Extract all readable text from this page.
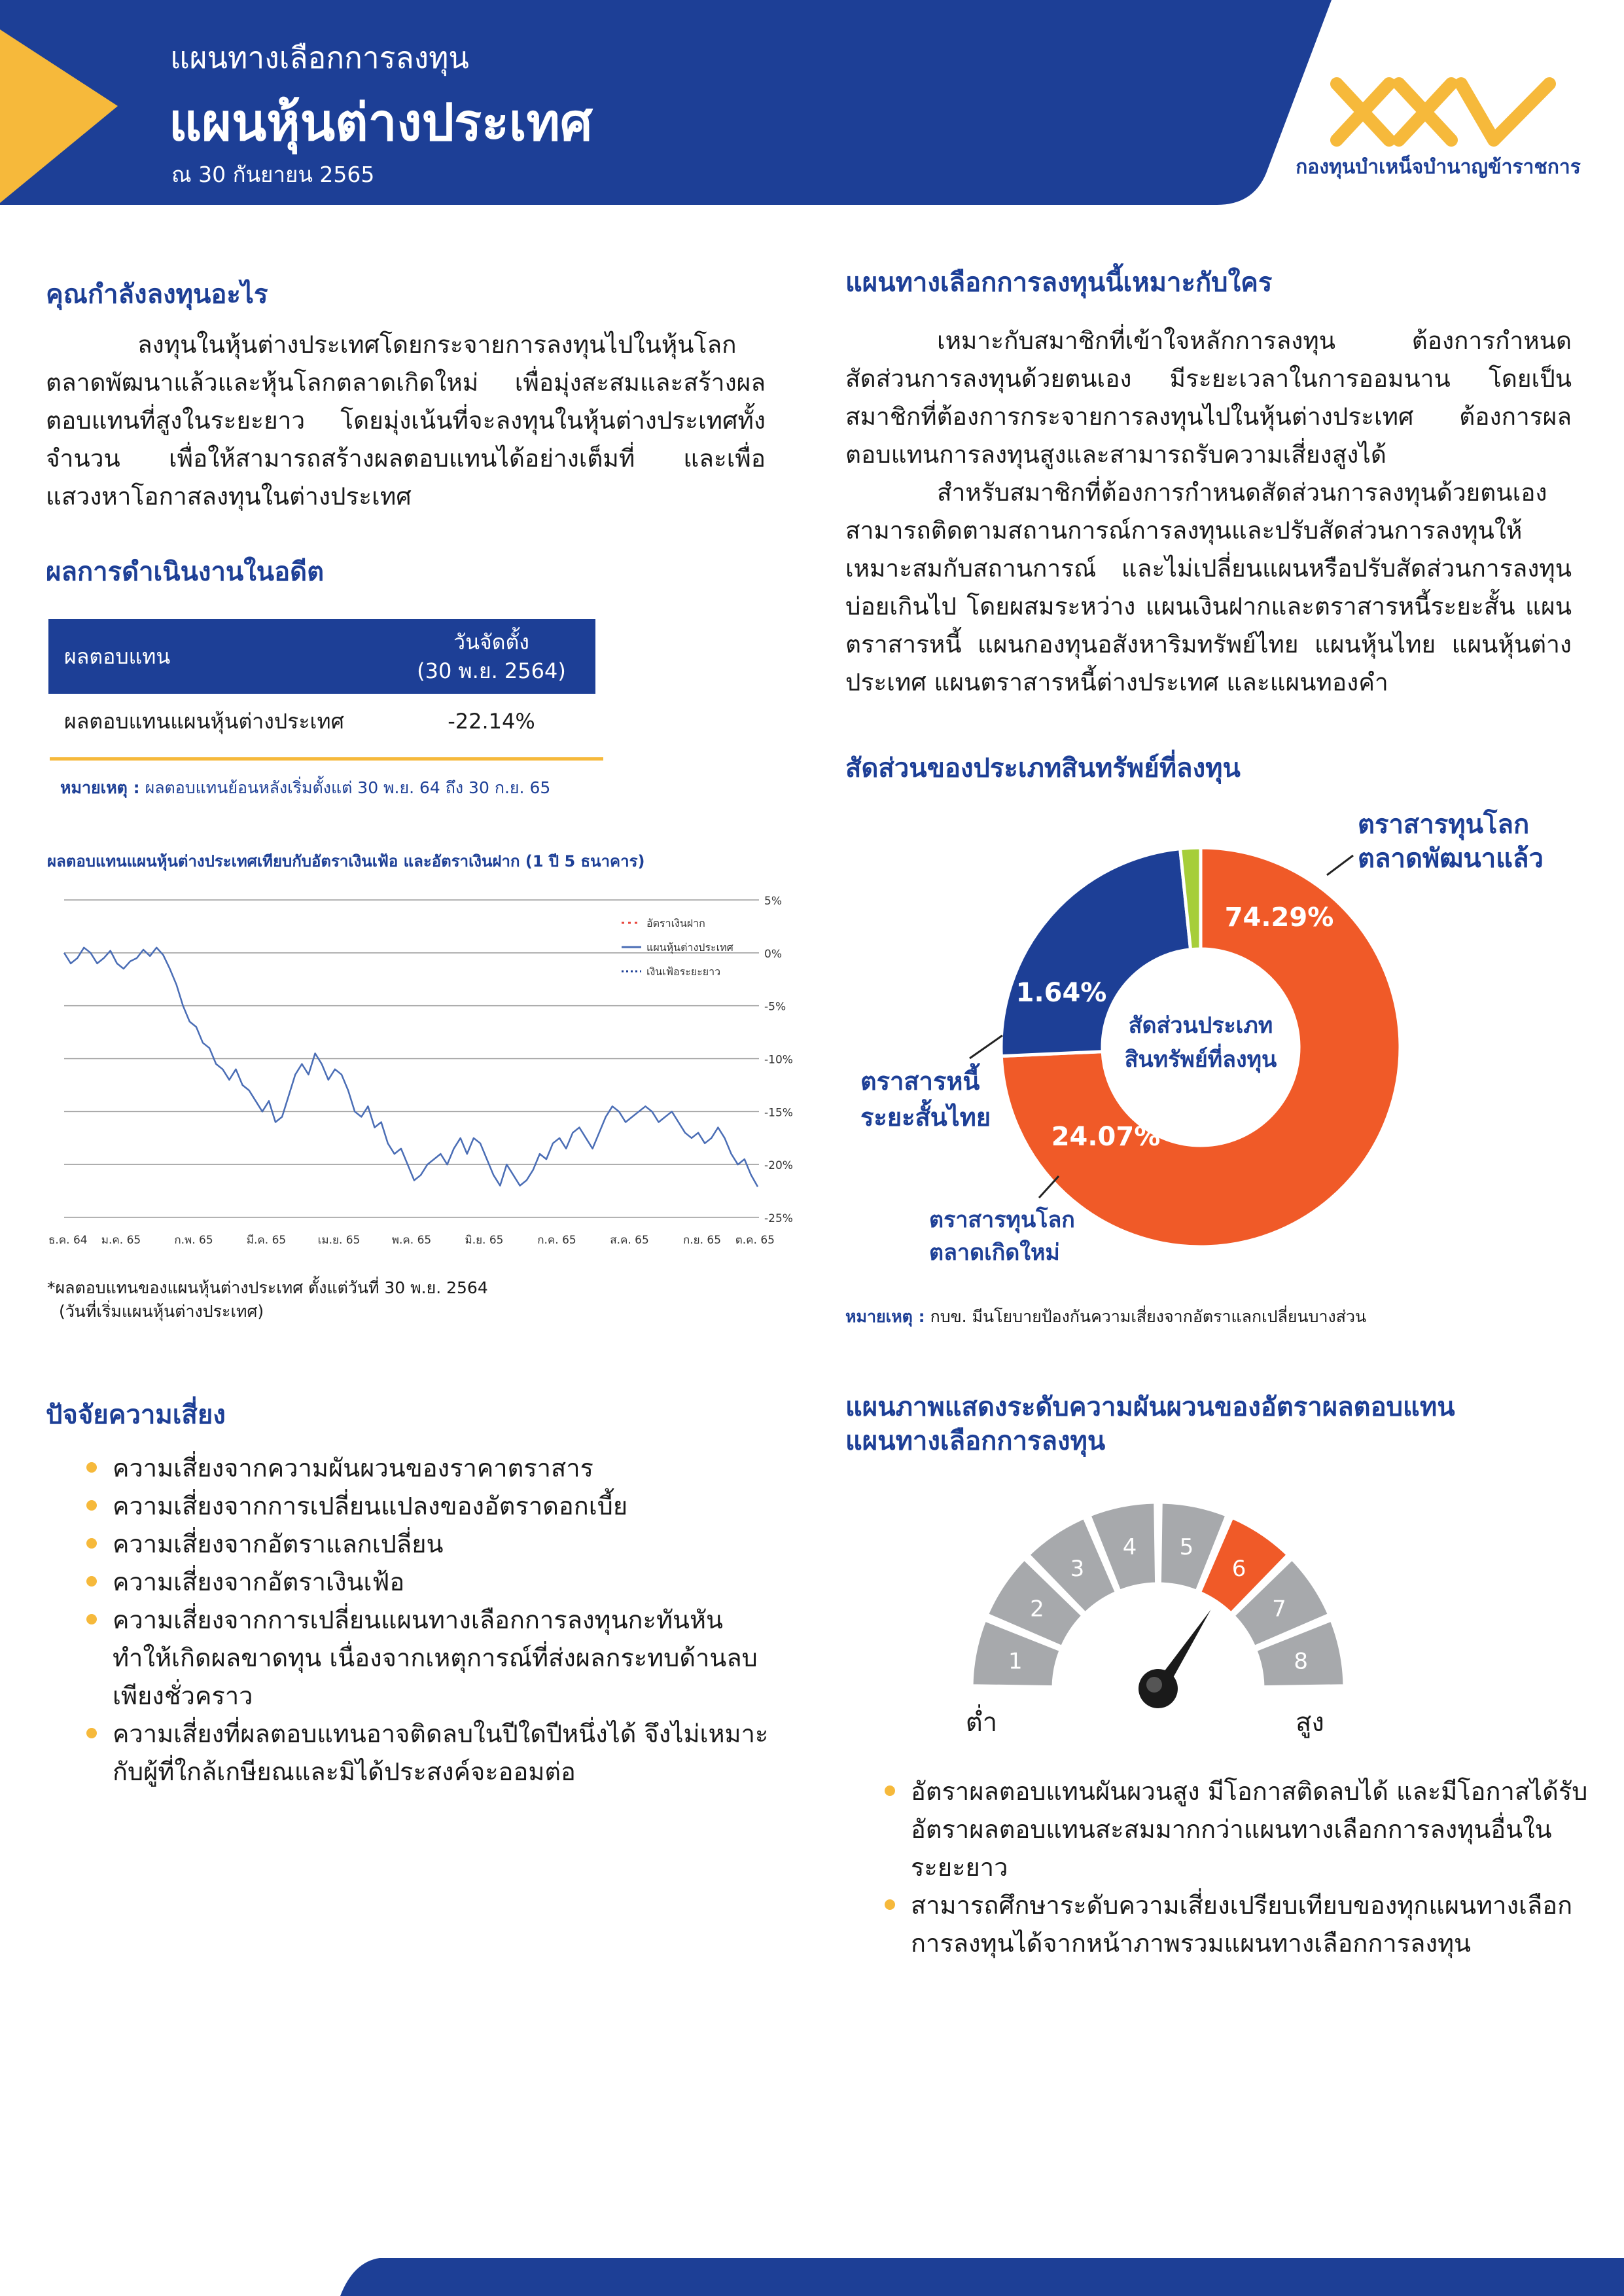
แผนทางเลือกการลงทุน
แผนหุ้นต่างประเทศ
ณ 30 กันยายน 2565	กองทุนบำเหน็จบำนาญข้าราชการ
คุณกำลังลงทุนอะไร

ลงทุนในหุ้นต่างประเทศโดยกระจายการลงทุนไปในหุ้นโลกตลาดพัฒนาแล้วและหุ้นโลกตลาดเกิดใหม่ เพื่อมุ่งสะสมและสร้างผลตอบแทนที่สูงในระยะยาว โดยมุ่งเน้นที่จะลงทุนในหุ้นต่างประเทศทั้งจำนวน เพื่อให้สามารถสร้างผลตอบแทนได้อย่างเต็มที่ และเพื่อแสวงหาโอกาสลงทุนในต่างประเทศ

ผลการดำเนินงานในอดีต
ผลตอบแทน	วันจัดตั้ง
(30 พ.ย. 2564)

ผลตอบแทนแผนหุ้นต่างประเทศ	-22.14%
หมายเหตุ : ผลตอบแทนย้อนหลังเริ่มตั้งแต่ 30 พ.ย. 64 ถึง 30 ก.ย. 65
ผลตอบแทนแผนหุ้นต่างประเทศเทียบกับอัตราเงินเฟ้อ และอัตราเงินฝาก (1 ปี 5 ธนาคาร)
5%
0%
-5%
-10%
-15%
-20%
-25%
ธ.ค. 64 ม.ค. 65	ก.พ. 65	มี.ค. 65	เม.ย. 65	พ.ค. 65	มิ.ย. 65	ก.ค. 65	ส.ค. 65	ก.ย. 65 ต.ค. 65
อัตราเงินฝาก
แผนหุ้นต่างประเทศ
เงินเฟ้อระยะยาว
*ผลตอบแทนของแผนหุ้นต่างประเทศ ตั้งแต่วันที่ 30 พ.ย. 2564
(วันที่เริ่มแผนหุ้นต่างประเทศ)
ปัจจัยความเสี่ยง
ความเสี่ยงจากความผันผวนของราคาตราสาร
ความเสี่ยงจากการเปลี่ยนแปลงของอัตราดอกเบี้ย
ความเสี่ยงจากอัตราแลกเปลี่ยน
ความเสี่ยงจากอัตราเงินเฟ้อ
ความเสี่ยงจากการเปลี่ยนแผนทางเลือกการลงทุนกะทันหันทำให้เกิดผลขาดทุน เนื่องจากเหตุการณ์ที่ส่งผลกระทบด้านลบเพียงชั่วคราว
ความเสี่ยงที่ผลตอบแทนอาจติดลบในปีใดปีหนึ่งได้ จึงไม่เหมาะกับผู้ที่ใกล้เกษียณและมิได้ประสงค์จะออมต่อ
แผนทางเลือกการลงทุนนี้เหมาะกับใคร

เหมาะกับสมาชิกที่เข้าใจหลักการลงทุน ต้องการกำหนดสัดส่วนการลงทุนด้วยตนเอง มีระยะเวลาในการออมนาน โดยเป็นสมาชิกที่ต้องการกระจายการลงทุนไปในหุ้นต่างประเทศ ต้องการผลตอบแทนการลงทุนสูงและสามารถรับความเสี่ยงสูงได้

สำหรับสมาชิกที่ต้องการกำหนดสัดส่วนการลงทุนด้วยตนเอง สามารถติดตามสถานการณ์การลงทุนและปรับสัดส่วนการลงทุนให้เหมาะสมกับสถานการณ์ และไม่เปลี่ยนแผนหรือปรับสัดส่วนการลงทุนบ่อยเกินไป โดยผสมระหว่าง แผนเงินฝากและตราสารหนี้ระยะสั้น แผนตราสารหนี้ แผนกองทุนอสังหาริมทรัพย์ไทย แผนหุ้นไทย แผนหุ้นต่างประเทศ แผนตราสารหนี้ต่างประเทศ และแผนทองคำ

สัดส่วนของประเภทสินทรัพย์ที่ลงทุน
74.29%
24.07%
1.64%
สัดส่วนประเภท
สินทรัพย์ที่ลงทุน
ตราสารทุนโลก
ตลาดพัฒนาแล้ว
ตราสารทุนโลก
ตลาดเกิดใหม่
ตราสารหนี้
ระยะสั้นไทย
หมายเหตุ : กบข. มีนโยบายป้องกันความเสี่ยงจากอัตราแลกเปลี่ยนบางส่วน
แผนภาพแสดงระดับความผันผวนของอัตราผลตอบแทน
แผนทางเลือกการลงทุน
1
2
3
4 5
6
7
8
ต่ำ	สูง
อัตราผลตอบแทนผันผวนสูง มีโอกาสติดลบได้ และมีโอกาสได้รับอัตราผลตอบแทนสะสมมากกว่าแผนทางเลือกการลงทุนอื่นในระยะยาว
สามารถศึกษาระดับความเสี่ยงเปรียบเทียบของทุกแผนทางเลือกการลงทุนได้จากหน้าภาพรวมแผนทางเลือกการลงทุน
